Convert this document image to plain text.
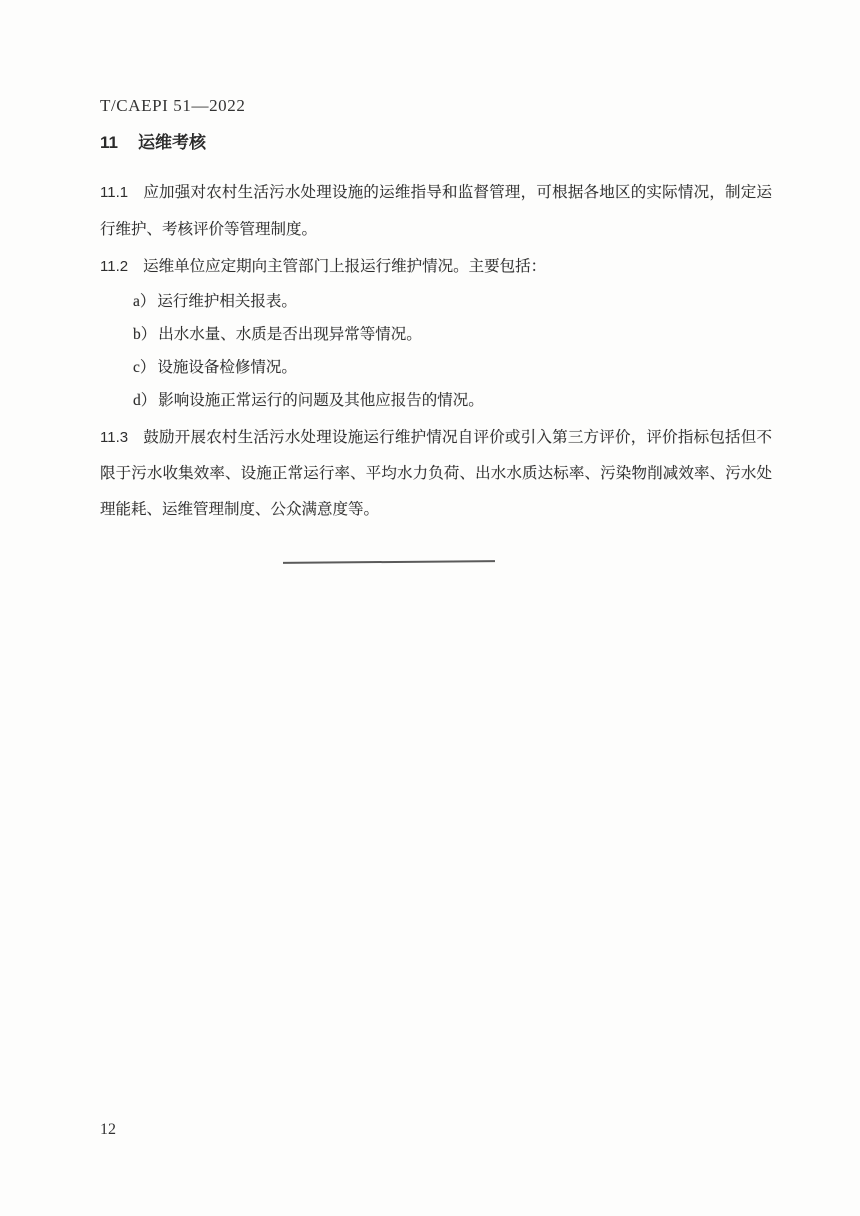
T/CAEPI 51—2022
11 运维考核

11.1 应加强对农村生活污水处理设施的运维指导和监督管理，可根据各地区的实际情况，制定运行维护、考核评价等管理制度。

11.2 运维单位应定期向主管部门上报运行维护情况。主要包括：

a） 运行维护相关报表。
b） 出水水量、水质是否出现异常等情况。
c） 设施设备检修情况。
d） 影响设施正常运行的问题及其他应报告的情况。

11.3 鼓励开展农村生活污水处理设施运行维护情况自评价或引入第三方评价，评价指标包括但不限于污水收集效率、设施正常运行率、平均水力负荷、出水水质达标率、污染物削减效率、污水处理能耗、运维管理制度、公众满意度等。

12
